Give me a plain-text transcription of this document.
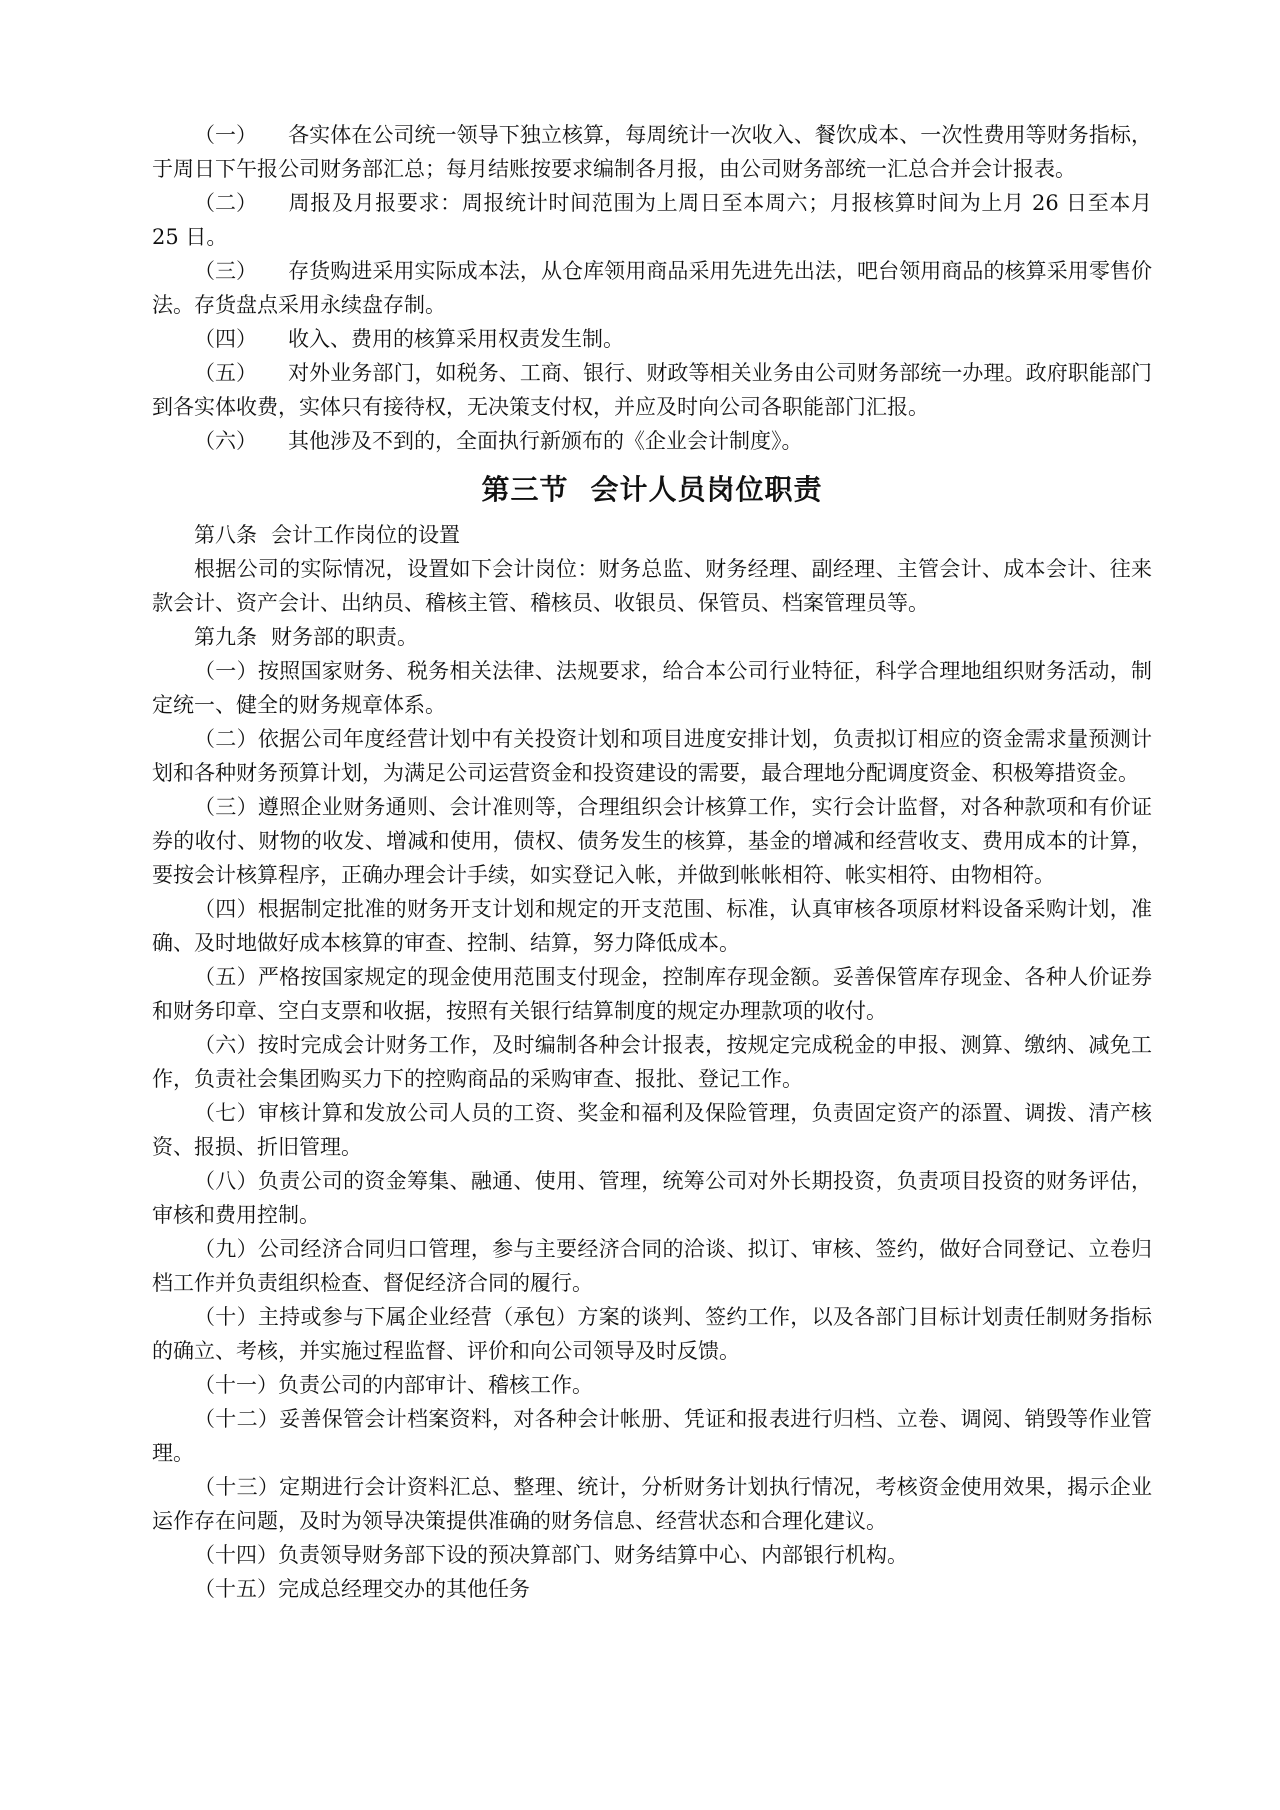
（一） 各实体在公司统一领导下独立核算，每周统计一次收入、餐饮成本、一次性费用等财务指标，于周日下午报公司财务部汇总；每月结账按要求编制各月报，由公司财务部统一汇总合并会计报表。

（二） 周报及月报要求：周报统计时间范围为上周日至本周六；月报核算时间为上月 26 日至本月 25 日。

（三） 存货购进采用实际成本法，从仓库领用商品采用先进先出法，吧台领用商品的核算采用零售价法。存货盘点采用永续盘存制。

（四） 收入、费用的核算采用权责发生制。

（五） 对外业务部门，如税务、工商、银行、财政等相关业务由公司财务部统一办理。政府职能部门到各实体收费，实体只有接待权，无决策支付权，并应及时向公司各职能部门汇报。

（六） 其他涉及不到的，全面执行新颁布的《企业会计制度》。

第三节 会计人员岗位职责

第八条 会计工作岗位的设置

根据公司的实际情况，设置如下会计岗位：财务总监、财务经理、副经理、主管会计、成本会计、往来款会计、资产会计、出纳员、稽核主管、稽核员、收银员、保管员、档案管理员等。

第九条 财务部的职责。

（一）按照国家财务、税务相关法律、法规要求，给合本公司行业特征，科学合理地组织财务活动，制定统一、健全的财务规章体系。

（二）依据公司年度经营计划中有关投资计划和项目进度安排计划，负责拟订相应的资金需求量预测计划和各种财务预算计划，为满足公司运营资金和投资建设的需要，最合理地分配调度资金、积极筹措资金。

（三）遵照企业财务通则、会计准则等，合理组织会计核算工作，实行会计监督，对各种款项和有价证券的收付、财物的收发、增减和使用，债权、债务发生的核算，基金的增减和经营收支、费用成本的计算，要按会计核算程序，正确办理会计手续，如实登记入帐，并做到帐帐相符、帐实相符、由物相符。

（四）根据制定批准的财务开支计划和规定的开支范围、标准，认真审核各项原材料设备采购计划，准确、及时地做好成本核算的审查、控制、结算，努力降低成本。

（五）严格按国家规定的现金使用范围支付现金，控制库存现金额。妥善保管库存现金、各种人价证券和财务印章、空白支票和收据，按照有关银行结算制度的规定办理款项的收付。

（六）按时完成会计财务工作，及时编制各种会计报表，按规定完成税金的申报、测算、缴纳、减免工作，负责社会集团购买力下的控购商品的采购审查、报批、登记工作。

（七）审核计算和发放公司人员的工资、奖金和福利及保险管理，负责固定资产的添置、调拨、清产核资、报损、折旧管理。

（八）负责公司的资金筹集、融通、使用、管理，统筹公司对外长期投资，负责项目投资的财务评估，审核和费用控制。

（九）公司经济合同归口管理，参与主要经济合同的洽谈、拟订、审核、签约，做好合同登记、立卷归档工作并负责组织检查、督促经济合同的履行。

（十）主持或参与下属企业经营（承包）方案的谈判、签约工作，以及各部门目标计划责任制财务指标的确立、考核，并实施过程监督、评价和向公司领导及时反馈。

（十一）负责公司的内部审计、稽核工作。

（十二）妥善保管会计档案资料，对各种会计帐册、凭证和报表进行归档、立卷、调阅、销毁等作业管理。

（十三）定期进行会计资料汇总、整理、统计，分析财务计划执行情况，考核资金使用效果，揭示企业运作存在问题，及时为领导决策提供准确的财务信息、经营状态和合理化建议。

（十四）负责领导财务部下设的预决算部门、财务结算中心、内部银行机构。

（十五）完成总经理交办的其他任务
